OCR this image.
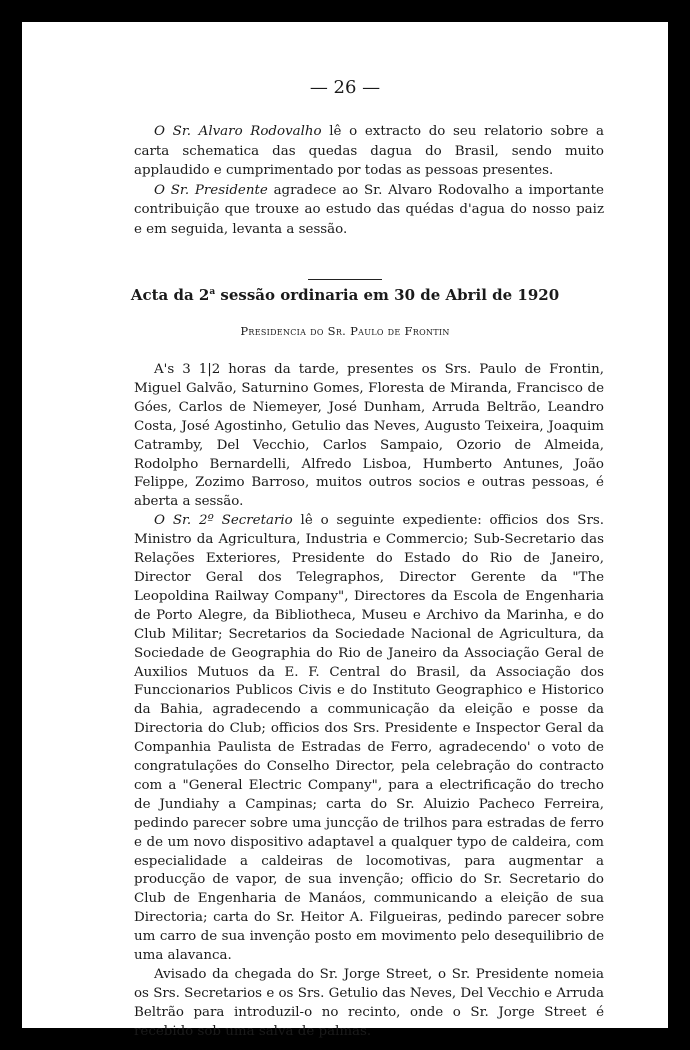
— 26 —

O Sr. Alvaro Rodovalho lê o extracto do seu relatorio sobre a carta schematica das quedas dagua do Brasil, sendo muito applaudido e cumprimentado por todas as pessoas presentes.

O Sr. Presidente agradece ao Sr. Alvaro Rodovalho a importante contribuição que trouxe ao estudo das quédas d'agua do nosso paiz e em seguida, levanta a sessão.

Acta da 2$^a$ sessão ordinaria em 30 de Abril de 1920
Presidencia do Sr. Paulo de Frontin

A's 3 1|2 horas da tarde, presentes os Srs. Paulo de Frontin, Miguel Galvão, Saturnino Gomes, Floresta de Miranda, Francisco de Góes, Carlos de Niemeyer, José Dunham, Arruda Beltrão, Leandro Costa, José Agostinho, Getulio das Neves, Augusto Teixeira, Joaquim Catramby, Del Vecchio, Carlos Sampaio, Ozorio de Almeida, Rodolpho Bernardelli, Alfredo Lisboa, Humberto Antunes, João Felippe, Zozimo Barroso, muitos outros socios e outras pessoas, é aberta a sessão.

O Sr. 2º Secretario lê o seguinte expediente: officios dos Srs. Ministro da Agricultura, Industria e Commercio; Sub-Secretario das Relações Exteriores, Presidente do Estado do Rio de Janeiro, Director Geral dos Telegraphos, Director Gerente da "The Leopoldina Railway Company", Directores da Escola de Engenharia de Porto Alegre, da Bibliotheca, Museu e Archivo da Marinha, e do Club Militar; Secretarios da Sociedade Nacional de Agricultura, da Sociedade de Geographia do Rio de Janeiro da Associação Geral de Auxilios Mutuos da E. F. Central do Brasil, da Associação dos Funccionarios Publicos Civis e do Instituto Geographico e Historico da Bahia, agradecendo a communicação da eleição e posse da Directoria do Club; officios dos Srs. Presidente e Inspector Geral da Companhia Paulista de Estradas de Ferro, agradecendo' o voto de congratulações do Conselho Director, pela celebração do contracto com a "General Electric Company", para a electrificação do trecho de Jundiahy a Campinas; carta do Sr. Aluizio Pacheco Ferreira, pedindo parecer sobre uma juncção de trilhos para estradas de ferro e de um novo dispositivo adaptavel a qualquer typo de caldeira, com especialidade a caldeiras de locomotivas, para augmentar a producção de vapor, de sua invenção; officio do Sr. Secretario do Club de Engenharia de Manáos, communicando a eleição de sua Directoria; carta do Sr. Heitor A. Filgueiras, pedindo parecer sobre um carro de sua invenção posto em movimento pelo desequilibrio de uma alavanca.

Avisado da chegada do Sr. Jorge Street, o Sr. Presidente nomeia os Srs. Secretarios e os Srs. Getulio das Neves, Del Vecchio e Arruda Beltrão para introduzil-o no recinto, onde o Sr. Jorge Street é recebido sob uma salva de palmas.
